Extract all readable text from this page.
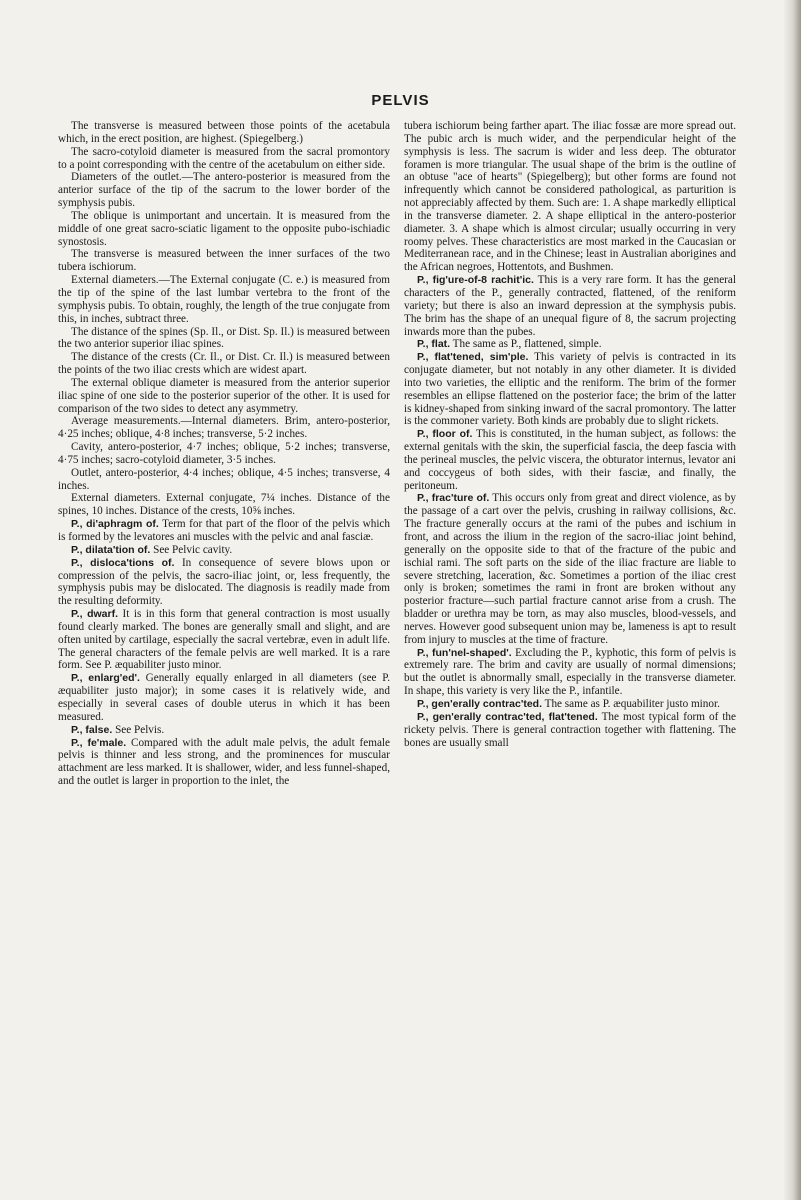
PELVIS

The transverse is measured between those points of the acetabula which, in the erect position, are highest. (Spiegelberg.)

The sacro-cotyloid diameter is measured from the sacral promontory to a point corresponding with the centre of the acetabulum on either side.

Diameters of the outlet.—The antero-posterior is measured from the anterior surface of the tip of the sacrum to the lower border of the symphysis pubis.

The oblique is unimportant and uncertain. It is measured from the middle of one great sacro-sciatic ligament to the opposite pubo-ischiadic synostosis.

The transverse is measured between the inner surfaces of the two tubera ischiorum.

External diameters.—The External conjugate (C. e.) is measured from the tip of the spine of the last lumbar vertebra to the front of the symphysis pubis. To obtain, roughly, the length of the true conjugate from this, in inches, subtract three.

The distance of the spines (Sp. Il., or Dist. Sp. Il.) is measured between the two anterior superior iliac spines.

The distance of the crests (Cr. Il., or Dist. Cr. Il.) is measured between the points of the two iliac crests which are widest apart.

The external oblique diameter is measured from the anterior superior iliac spine of one side to the posterior superior of the other. It is used for comparison of the two sides to detect any asymmetry.

Average measurements.—Internal diameters. Brim, antero-posterior, 4·25 inches; oblique, 4·8 inches; transverse, 5·2 inches.

Cavity, antero-posterior, 4·7 inches; oblique, 5·2 inches; transverse, 4·75 inches; sacro-cotyloid diameter, 3·5 inches.

Outlet, antero-posterior, 4·4 inches; oblique, 4·5 inches; transverse, 4 inches.

External diameters. External conjugate, 7¼ inches. Distance of the spines, 10 inches. Distance of the crests, 10⅝ inches.

P., di'aphragm of. Term for that part of the floor of the pelvis which is formed by the levatores ani muscles with the pelvic and anal fasciæ.

P., dilata'tion of. See Pelvic cavity.

P., disloca'tions of. In consequence of severe blows upon or compression of the pelvis, the sacro-iliac joint, or, less frequently, the symphysis pubis may be dislocated. The diagnosis is readily made from the resulting deformity.

P., dwarf. It is in this form that general contraction is most usually found clearly marked. The bones are generally small and slight, and are often united by cartilage, especially the sacral vertebræ, even in adult life. The general characters of the female pelvis are well marked. It is a rare form. See P. æquabiliter justo minor.

P., enlarg'ed'. Generally equally enlarged in all diameters (see P. æquabiliter justo major); in some cases it is relatively wide, and especially in several cases of double uterus in which it has been measured.

P., false. See Pelvis.

P., fe'male. Compared with the adult male pelvis, the adult female pelvis is thinner and less strong, and the prominences for muscular attachment are less marked. It is shallower, wider, and less funnel-shaped, and the outlet is larger in proportion to the inlet, the

tubera ischiorum being farther apart. The iliac fossæ are more spread out. The pubic arch is much wider, and the perpendicular height of the symphysis is less. The sacrum is wider and less deep. The obturator foramen is more triangular. The usual shape of the brim is the outline of an obtuse "ace of hearts" (Spiegelberg); but other forms are found not infrequently which cannot be considered pathological, as parturition is not appreciably affected by them. Such are: 1. A shape markedly elliptical in the transverse diameter. 2. A shape elliptical in the antero-posterior diameter. 3. A shape which is almost circular; usually occurring in very roomy pelves. These characteristics are most marked in the Caucasian or Mediterranean race, and in the Chinese; least in Australian aborigines and the African negroes, Hottentots, and Bushmen.

P., fig'ure-of-8 rachit'ic. This is a very rare form. It has the general characters of the P., generally contracted, flattened, of the reniform variety; but there is also an inward depression at the symphysis pubis. The brim has the shape of an unequal figure of 8, the sacrum projecting inwards more than the pubes.

P., flat. The same as P., flattened, simple.

P., flat'tened, sim'ple. This variety of pelvis is contracted in its conjugate diameter, but not notably in any other diameter. It is divided into two varieties, the elliptic and the reniform. The brim of the former resembles an ellipse flattened on the posterior face; the brim of the latter is kidney-shaped from sinking inward of the sacral promontory. The latter is the commoner variety. Both kinds are probably due to slight rickets.

P., floor of. This is constituted, in the human subject, as follows: the external genitals with the skin, the superficial fascia, the deep fascia with the perineal muscles, the pelvic viscera, the obturator internus, levator ani and coccygeus of both sides, with their fasciæ, and finally, the peritoneum.

P., frac'ture of. This occurs only from great and direct violence, as by the passage of a cart over the pelvis, crushing in railway collisions, &c. The fracture generally occurs at the rami of the pubes and ischium in front, and across the ilium in the region of the sacro-iliac joint behind, generally on the opposite side to that of the fracture of the pubic and ischial rami. The soft parts on the side of the iliac fracture are liable to severe stretching, laceration, &c. Sometimes a portion of the iliac crest only is broken; sometimes the rami in front are broken without any posterior fracture—such partial fracture cannot arise from a crush. The bladder or urethra may be torn, as may also muscles, blood-vessels, and nerves. However good subsequent union may be, lameness is apt to result from injury to muscles at the time of fracture.

P., fun'nel-shaped'. Excluding the P., kyphotic, this form of pelvis is extremely rare. The brim and cavity are usually of normal dimensions; but the outlet is abnormally small, especially in the transverse diameter. In shape, this variety is very like the P., infantile.

P., gen'erally contrac'ted. The same as P. æquabiliter justo minor.

P., gen'erally contrac'ted, flat'tened. The most typical form of the rickety pelvis. There is general contraction together with flattening. The bones are usually small
